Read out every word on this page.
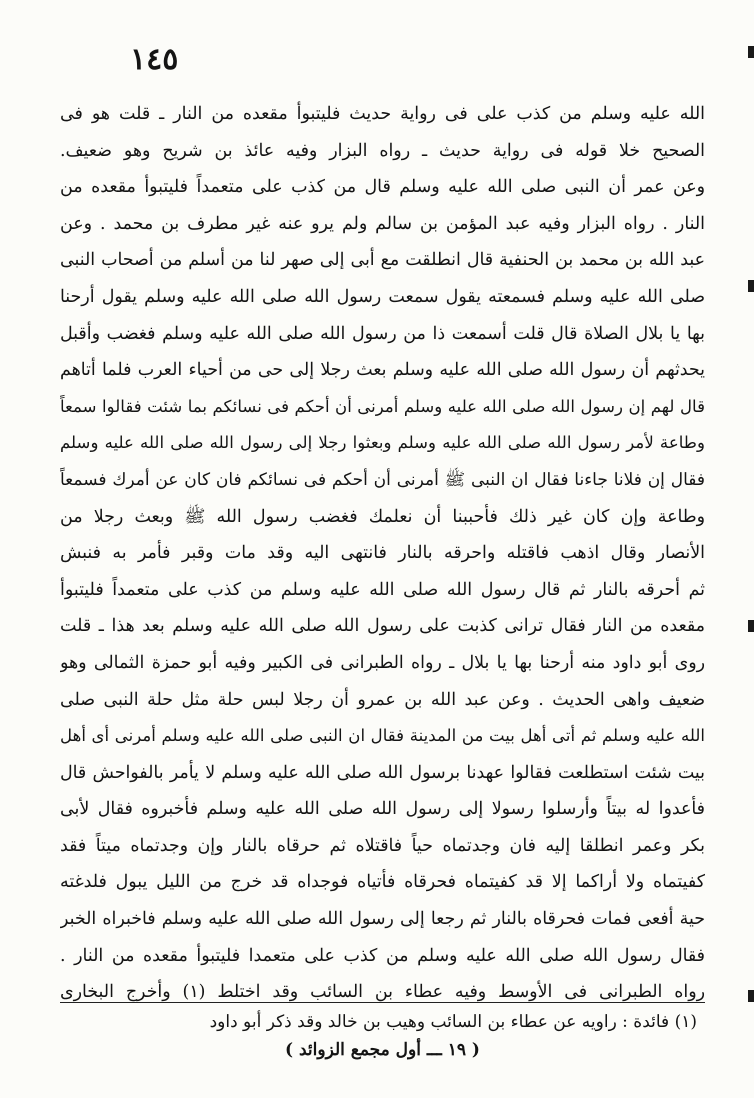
١٤٥
الله عليه وسلم من كذب على فى رواية حديث فليتبوأ مقعده من النار ـ قلت هو فى
الصحيح خلا قوله فى رواية حديث ـ رواه البزار وفيه عائذ بن شريح وهو ضعيف.
وعن عمر أن النبى صلى الله عليه وسلم قال من كذب على متعمداً فليتبوأ مقعده من
النار . رواه البزار وفيه عبد المؤمن بن سالم ولم يرو عنه غير مطرف بن محمد . وعن
عبد الله بن محمد بن الحنفية قال انطلقت مع أبى إلى صهر لنا من أسلم من أصحاب النبى
صلى الله عليه وسلم فسمعته يقول سمعت رسول الله صلى الله عليه وسلم يقول أرحنا
بها يا بلال الصلاة قال قلت أسمعت ذا من رسول الله صلى الله عليه وسلم فغضب وأقبل
يحدثهم أن رسول الله صلى الله عليه وسلم بعث رجلا إلى حى من أحياء العرب فلما أتاهم
قال لهم إن رسول الله صلى الله عليه وسلم أمرنى أن أحكم فى نسائكم بما شئت فقالوا سمعاً
وطاعة لأمر رسول الله صلى الله عليه وسلم وبعثوا رجلا إلى رسول الله صلى الله عليه وسلم
فقال إن فلانا جاءنا فقال ان النبى ﷺ أمرنى أن أحكم فى نسائكم فان كان عن أمرك فسمعاً
وطاعة وإن كان غير ذلك فأحببنا أن نعلمك فغضب رسول الله ﷺ وبعث رجلا من
الأنصار وقال اذهب فاقتله واحرقه بالنار فانتهى اليه وقد مات وقبر فأمر به فنبش
ثم أحرقه بالنار ثم قال رسول الله صلى الله عليه وسلم من كذب على متعمداً فليتبوأ
مقعده من النار فقال ترانى كذبت على رسول الله صلى الله عليه وسلم بعد هذا ـ قلت
روى أبو داود منه أرحنا بها يا بلال ـ رواه الطبرانى فى الكبير وفيه أبو حمزة الثمالى وهو
ضعيف واهى الحديث . وعن عبد الله بن عمرو أن رجلا لبس حلة مثل حلة النبى صلى
الله عليه وسلم ثم أتى أهل بيت من المدينة فقال ان النبى صلى الله عليه وسلم أمرنى أى أهل
بيت شئت استطلعت فقالوا عهدنا برسول الله صلى الله عليه وسلم لا يأمر بالفواحش قال
فأعدوا له بيتاً وأرسلوا رسولا إلى رسول الله صلى الله عليه وسلم فأخبروه فقال لأبى
بكر وعمر انطلقا إليه فان وجدتماه حياً فاقتلاه ثم حرقاه بالنار وإن وجدتماه ميتاً فقد
كفيتماه ولا أراكما إلا قد كفيتماه فحرقاه فأتياه فوجداه قد خرج من الليل يبول فلدغته
حية أفعى فمات فحرقاه بالنار ثم رجعا إلى رسول الله صلى الله عليه وسلم فاخبراه الخبر
فقال رسول الله صلى الله عليه وسلم من كذب على متعمدا فليتبوأ مقعده من النار .
رواه الطبرانى فى الأوسط وفيه عطاء بن السائب وقد اختلط (١) وأخرج البخارى
(١) فائدة : راويه عن عطاء بن السائب وهيب بن خالد وقد ذكر أبو داود
( ١٩ ـــ أول مجمع الزوائد )
